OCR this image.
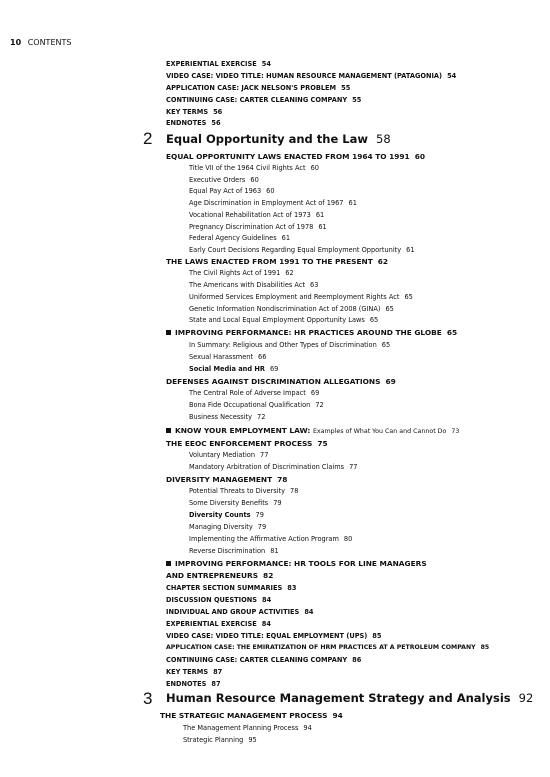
10 CONTENTS
EXPERIENTIAL EXERCISE 54
VIDEO CASE: VIDEO TITLE: HUMAN RESOURCE MANAGEMENT (PATAGONIA) 54
APPLICATION CASE: JACK NELSON'S PROBLEM 55
CONTINUING CASE: CARTER CLEANING COMPANY 55
KEY TERMS 56
ENDNOTES 56
2 Equal Opportunity and the Law 58
EQUAL OPPORTUNITY LAWS ENACTED FROM 1964 TO 1991 60
Title VII of the 1964 Civil Rights Act 60
Executive Orders 60
Equal Pay Act of 1963 60
Age Discrimination in Employment Act of 1967 61
Vocational Rehabilitation Act of 1973 61
Pregnancy Discrimination Act of 1978 61
Federal Agency Guidelines 61
Early Court Decisions Regarding Equal Employment Opportunity 61
THE LAWS ENACTED FROM 1991 TO THE PRESENT 62
The Civil Rights Act of 1991 62
The Americans with Disabilities Act 63
Uniformed Services Employment and Reemployment Rights Act 65
Genetic Information Nondiscrimination Act of 2008 (GINA) 65
State and Local Equal Employment Opportunity Laws 65
IMPROVING PERFORMANCE: HR PRACTICES AROUND THE GLOBE 65
In Summary: Religious and Other Types of Discrimination 65
Sexual Harassment 66
Social Media and HR 69
DEFENSES AGAINST DISCRIMINATION ALLEGATIONS 69
The Central Role of Adverse Impact 69
Bona Fide Occupational Qualification 72
Business Necessity 72
KNOW YOUR EMPLOYMENT LAW: Examples of What You Can and Cannot Do 73
THE EEOC ENFORCEMENT PROCESS 75
Voluntary Mediation 77
Mandatory Arbitration of Discrimination Claims 77
DIVERSITY MANAGEMENT 78
Potential Threats to Diversity 78
Some Diversity Benefits 79
Diversity Counts 79
Managing Diversity 79
Implementing the Affirmative Action Program 80
Reverse Discrimination 81
IMPROVING PERFORMANCE: HR TOOLS FOR LINE MANAGERS
AND ENTREPRENEURS 82
CHAPTER SECTION SUMMARIES 83
DISCUSSION QUESTIONS 84
INDIVIDUAL AND GROUP ACTIVITIES 84
EXPERIENTIAL EXERCISE 84
VIDEO CASE: VIDEO TITLE: EQUAL EMPLOYMENT (UPS) 85
APPLICATION CASE: THE EMIRATIZATION OF HRM PRACTICES AT A PETROLEUM COMPANY 85
CONTINUING CASE: CARTER CLEANING COMPANY 86
KEY TERMS 87
ENDNOTES 87
3 Human Resource Management Strategy and Analysis 92
THE STRATEGIC MANAGEMENT PROCESS 94
The Management Planning Process 94
Strategic Planning 95
